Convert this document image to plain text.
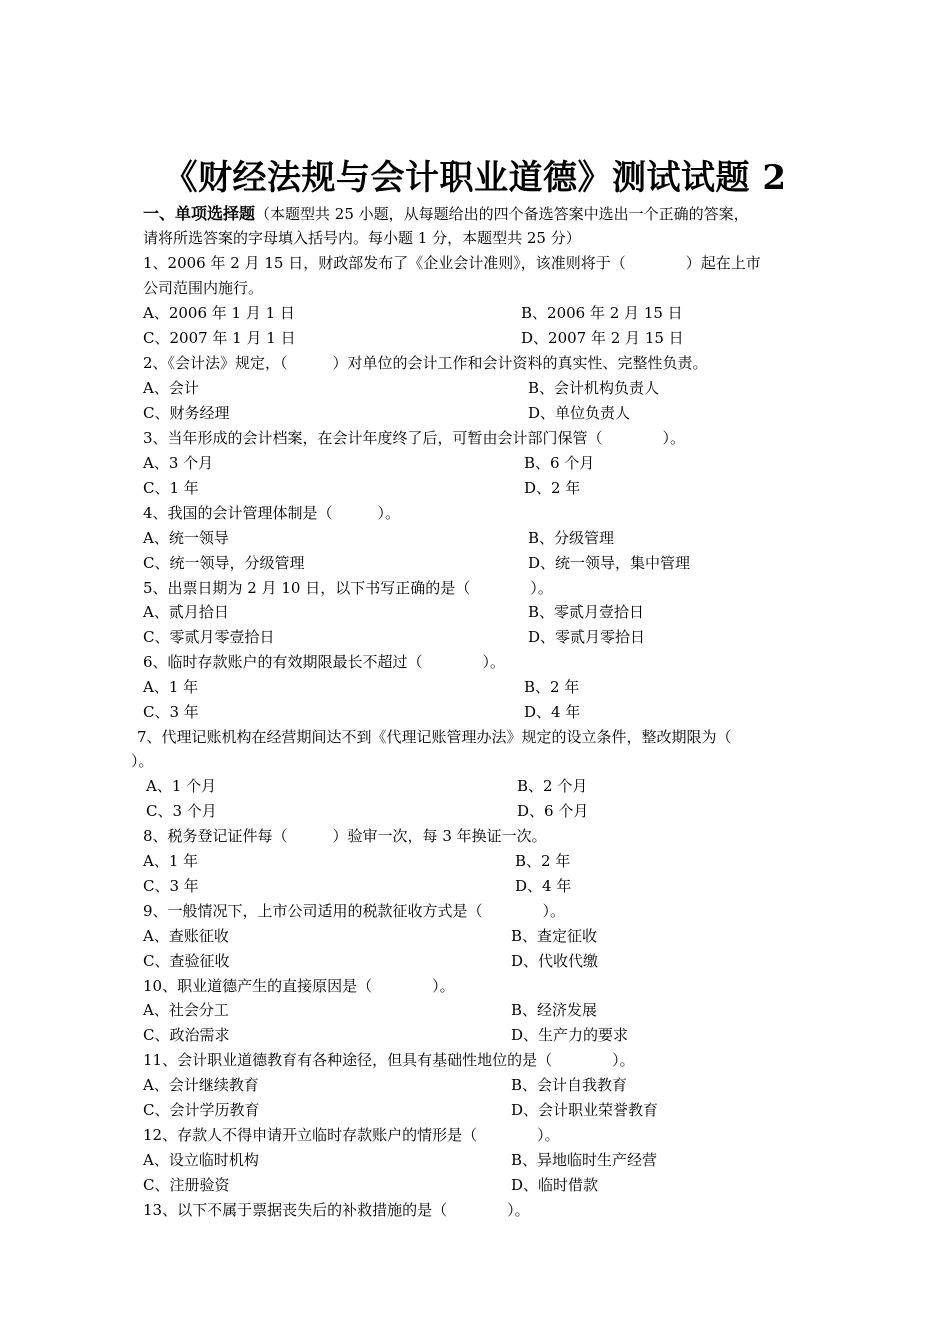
《财经法规与会计职业道德》测试试题 2
一、单项选择题（本题型共 25 小题，从每题给出的四个备选答案中选出一个正确的答案，
请将所选答案的字母填入括号内。每小题 1 分，本题型共 25 分）
1、2006 年 2 月 15 日，财政部发布了《企业会计准则》，该准则将于（　　　　）起在上市
公司范围内施行。
A、2006 年 1 月 1 日	B、2006 年 2 月 15 日
C、2007 年 1 月 1 日	D、2007 年 2 月 15 日
2、《会计法》规定，（　　　）对单位的会计工作和会计资料的真实性、完整性负责。
A、会计	B、会计机构负责人
C、财务经理	D、单位负责人
3、当年形成的会计档案，在会计年度终了后，可暂由会计部门保管（　　　　）。
A、3 个月	B、6 个月
C、1 年	D、2 年
4、我国的会计管理体制是（　　　）。
A、统一领导	B、分级管理
C、统一领导，分级管理	D、统一领导，集中管理
5、出票日期为 2 月 10 日，以下书写正确的是（　　　　）。
A、贰月拾日	B、零贰月壹拾日
C、零贰月零壹拾日	D、零贰月零拾日
6、临时存款账户的有效期限最长不超过（　　　　）。
A、1 年	B、2 年
C、3 年	D、4 年
7、代理记账机构在经营期间达不到《代理记账管理办法》规定的设立条件，整改期限为（
）。
A、1 个月	B、2 个月
C、3 个月	D、6 个月
8、税务登记证件每（　　　）验审一次，每 3 年换证一次。
A、1 年	B、2 年
C、3 年	D、4 年
9、一般情况下，上市公司适用的税款征收方式是（　　　　）。
A、查账征收	B、查定征收
C、查验征收	D、代收代缴
10、职业道德产生的直接原因是（　　　　）。
A、社会分工	B、经济发展
C、政治需求	D、生产力的要求
11、会计职业道德教育有各种途径，但具有基础性地位的是（　　　　）。
A、会计继续教育	B、会计自我教育
C、会计学历教育	D、会计职业荣誉教育
12、存款人不得申请开立临时存款账户的情形是（　　　　）。
A、设立临时机构	B、异地临时生产经营
C、注册验资	D、临时借款
13、以下不属于票据丧失后的补救措施的是（　　　　）。
